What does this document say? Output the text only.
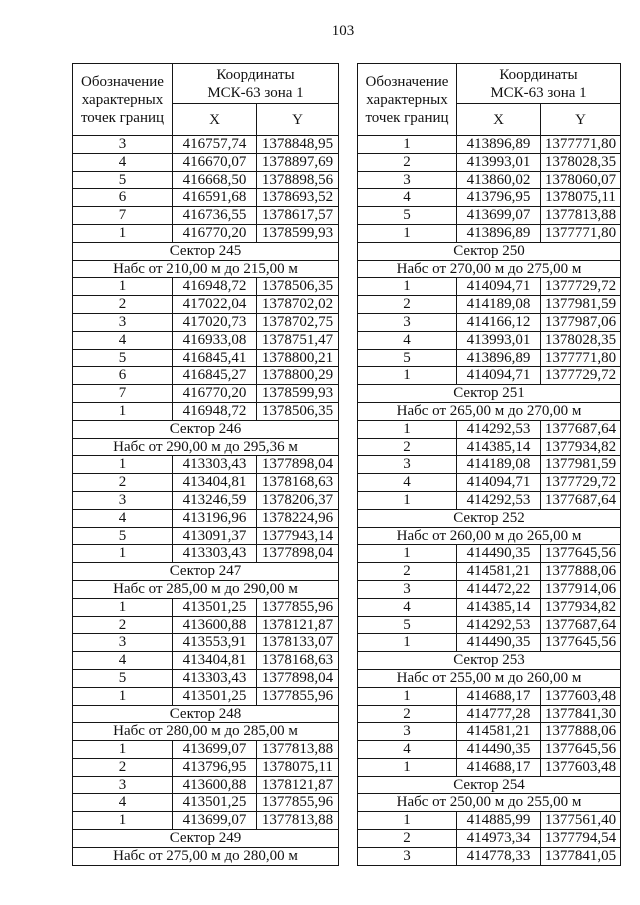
103
Обозначение
характерных
точек границ
Координаты
МСК-63 зона 1
X	Y
3	416757,74	1378848,95
4	416670,07	1378897,69
5	416668,50	1378898,56
6	416591,68	1378693,52
7	416736,55	1378617,57
1	416770,20	1378599,93
Сектор 245
Набс от 210,00 м до 215,00 м
1	416948,72	1378506,35
2	417022,04	1378702,02
3	417020,73	1378702,75
4	416933,08	1378751,47
5	416845,41	1378800,21
6	416845,27	1378800,29
7	416770,20	1378599,93
1	416948,72	1378506,35
Сектор 246
Набс от 290,00 м до 295,36 м
1	413303,43	1377898,04
2	413404,81	1378168,63
3	413246,59	1378206,37
4	413196,96	1378224,96
5	413091,37	1377943,14
1	413303,43	1377898,04
Сектор 247
Набс от 285,00 м до 290,00 м
1	413501,25	1377855,96
2	413600,88	1378121,87
3	413553,91	1378133,07
4	413404,81	1378168,63
5	413303,43	1377898,04
1	413501,25	1377855,96
Сектор 248
Набс от 280,00 м до 285,00 м
1	413699,07	1377813,88
2	413796,95	1378075,11
3	413600,88	1378121,87
4	413501,25	1377855,96
1	413699,07	1377813,88
Сектор 249
Набс от 275,00 м до 280,00 м
Обозначение
характерных
точек границ
Координаты
МСК-63 зона 1
X	Y
1	413896,89 1377771,80
2	413993,01 1378028,35
3	413860,02 1378060,07
4	413796,95 1378075,11
5	413699,07 1377813,88
1	413896,89 1377771,80
Сектор 250
Набс от 270,00 м до 275,00 м
1	414094,71 1377729,72
2	414189,08 1377981,59
3	414166,12 1377987,06
4	413993,01 1378028,35
5	413896,89 1377771,80
1	414094,71 1377729,72
Сектор 251
Набс от 265,00 м до 270,00 м
1	414292,53 1377687,64
2	414385,14 1377934,82
3	414189,08 1377981,59
4	414094,71 1377729,72
1	414292,53 1377687,64
Сектор 252
Набс от 260,00 м до 265,00 м
1	414490,35 1377645,56
2	414581,21 1377888,06
3	414472,22 1377914,06
4	414385,14 1377934,82
5	414292,53 1377687,64
1	414490,35 1377645,56
Сектор 253
Набс от 255,00 м до 260,00 м
1	414688,17 1377603,48
2	414777,28 1377841,30
3	414581,21 1377888,06
4	414490,35 1377645,56
1	414688,17 1377603,48
Сектор 254
Набс от 250,00 м до 255,00 м
1	414885,99 1377561,40
2	414973,34 1377794,54
3	414778,33 1377841,05
